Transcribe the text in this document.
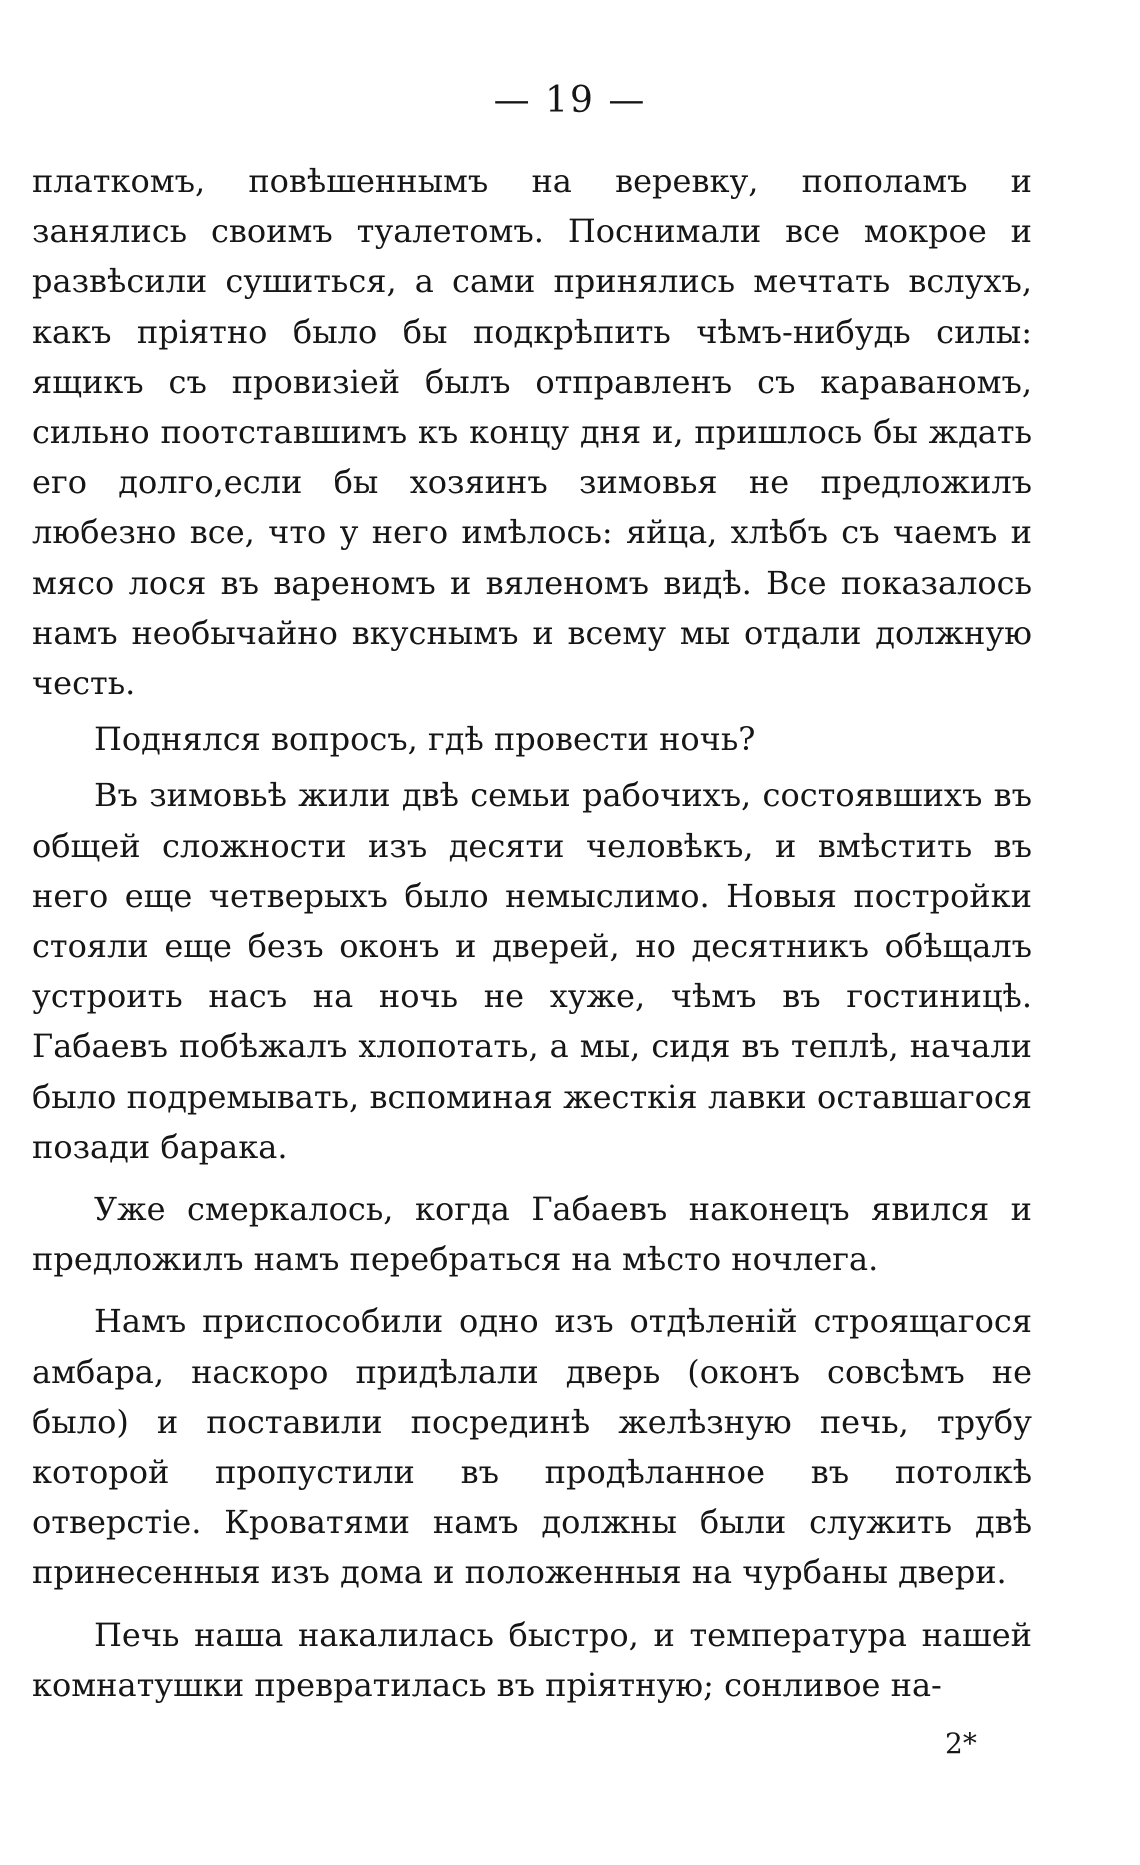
— 19 —

платкомъ, повѣшеннымъ на веревку, пополамъ и занялись своимъ туалетомъ. Поснимали все мокрое и развѣсили сушиться, а сами принялись мечтать вслухъ, какъ пріятно было бы подкрѣпить чѣмъ-нибудь силы: ящикъ съ провизіей былъ отправленъ съ караваномъ, сильно поотставшимъ къ концу дня и, пришлось бы ждать его долго,если бы хозяинъ зимовья не предложилъ любезно все, что у него имѣлось: яйца, хлѣбъ съ чаемъ и мясо лося въ вареномъ и вяленомъ видѣ. Все показалось намъ необычайно вкуснымъ и всему мы отдали должную честь.

Поднялся вопросъ, гдѣ провести ночь?

Въ зимовьѣ жили двѣ семьи рабочихъ, состоявшихъ въ общей сложности изъ десяти человѣкъ, и вмѣстить въ него еще четверыхъ было немыслимо. Новыя постройки стояли еще безъ оконъ и дверей, но десятникъ обѣщалъ устроить насъ на ночь не хуже, чѣмъ въ гостиницѣ. Габаевъ побѣжалъ хлопотать, а мы, сидя въ теплѣ, начали было подремывать, вспоминая жесткія лавки оставшагося позади барака.

Уже смеркалось, когда Габаевъ наконецъ явился и предложилъ намъ перебраться на мѣсто ночлега.

Намъ приспособили одно изъ отдѣленій строящагося амбара, наскоро придѣлали дверь (оконъ совсѣмъ не было) и поставили посрединѣ желѣзную печь, трубу которой пропустили въ продѣланное въ потолкѣ отверстіе. Кроватями намъ должны были служить двѣ принесенныя изъ дома и положенныя на чурбаны двери.

Печь наша накалилась быстро, и температура нашей комнатушки превратилась въ пріятную; сонливое на-

2*
